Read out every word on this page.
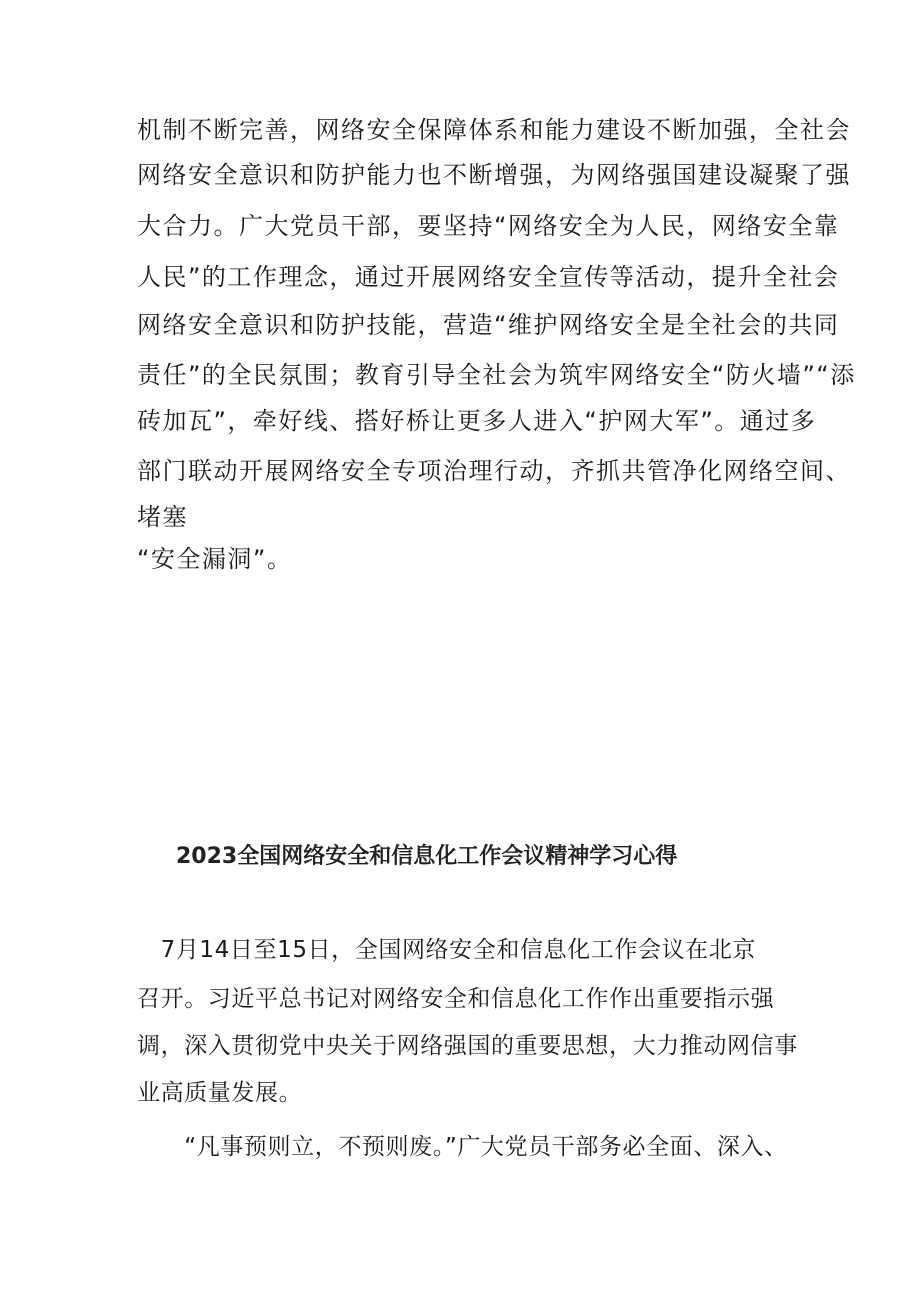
机制不断完善，网络安全保障体系和能力建设不断加强，全社会
网络安全意识和防护能力也不断增强，为网络强国建设凝聚了强
大合力。广大党员干部，要坚持“网络安全为人民，网络安全靠
人民”的工作理念，通过开展网络安全宣传等活动，提升全社会
网络安全意识和防护技能，营造“维护网络安全是全社会的共同
责任”的全民氛围；教育引导全社会为筑牢网络安全“防火墙”“添
砖加瓦”，牵好线、搭好桥让更多人进入“护网大军”。通过多
部门联动开展网络安全专项治理行动，齐抓共管净化网络空间、
堵塞
“安全漏洞”。
2023全国网络安全和信息化工作会议精神学习心得
　7月14日至15日，全国网络安全和信息化工作会议在北京
召开。习近平总书记对网络安全和信息化工作作出重要指示强
调，深入贯彻党中央关于网络强国的重要思想，大力推动网信事
业高质量发展。
　　“凡事预则立，不预则废。”广大党员干部务必全面、深入、
